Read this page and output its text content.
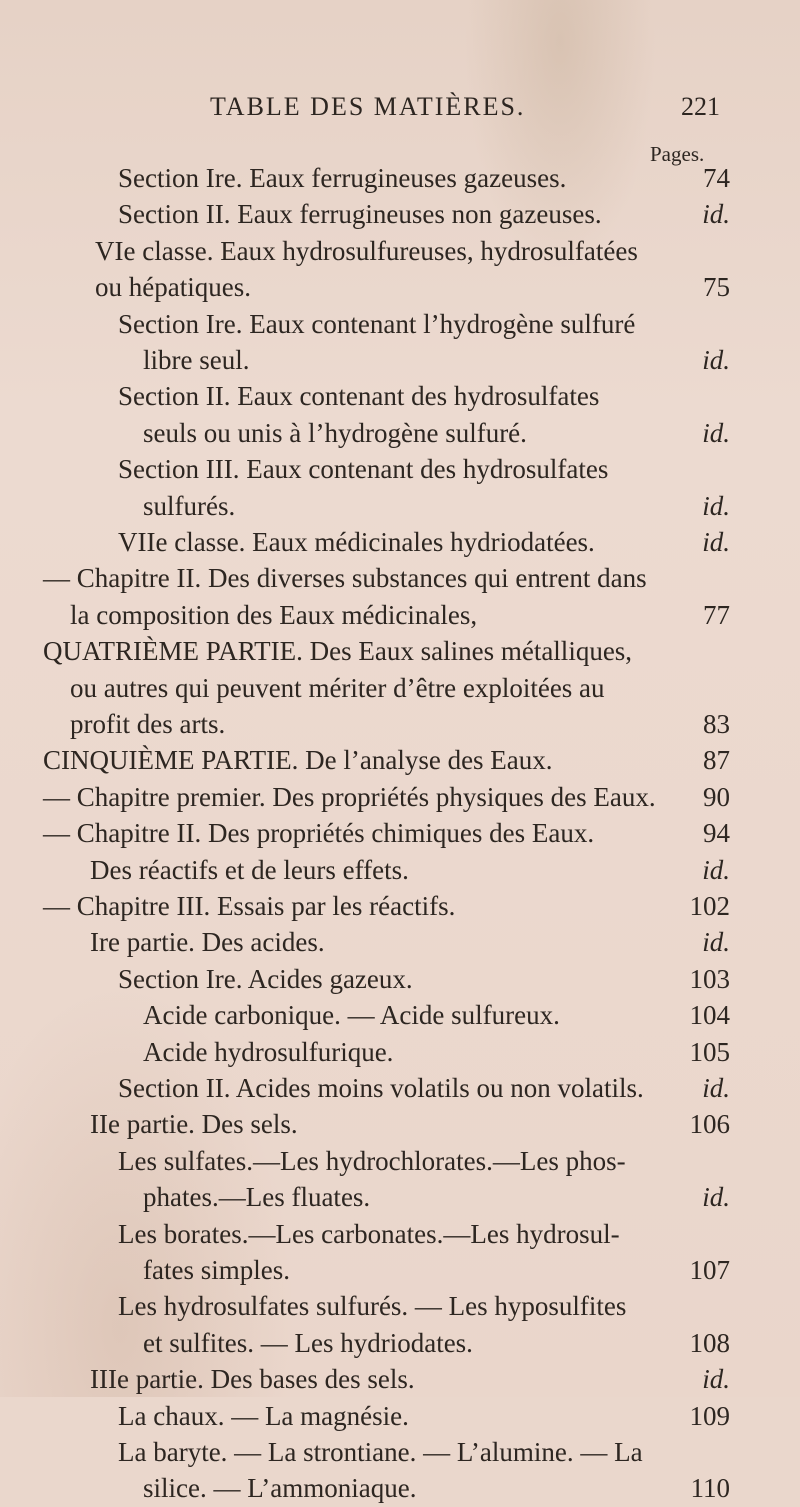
TABLE DES MATIÈRES.	221
Pages.
Section Ire. Eaux ferrugineuses gazeuses.	74
Section II. Eaux ferrugineuses non gazeuses.	id.
VIe classe. Eaux hydrosulfureuses, hydrosulfatées
ou hépatiques.	75
Section Ire. Eaux contenant l’hydrogène sulfuré
libre seul.	id.
Section II. Eaux contenant des hydrosulfates
seuls ou unis à l’hydrogène sulfuré.	id.
Section III. Eaux contenant des hydrosulfates
sulfurés.	id.
VIIe classe. Eaux médicinales hydriodatées.	id.
— Chapitre II. Des diverses substances qui entrent dans
la composition des Eaux médicinales,	77
QUATRIÈME PARTIE. Des Eaux salines métalliques,
ou autres qui peuvent mériter d’être exploitées au
profit des arts.	83
CINQUIÈME PARTIE. De l’analyse des Eaux.	87
— Chapitre premier. Des propriétés physiques des Eaux. 90
— Chapitre II. Des propriétés chimiques des Eaux.	94
Des réactifs et de leurs effets.	id.
— Chapitre III. Essais par les réactifs.	102
Ire partie. Des acides.	id.
Section Ire. Acides gazeux.	103
Acide carbonique. — Acide sulfureux.	104
Acide hydrosulfurique.	105
Section II. Acides moins volatils ou non volatils. id.
IIe partie. Des sels.	106
Les sulfates.—Les hydrochlorates.—Les phos-
phates.—Les fluates.	id.
Les borates.—Les carbonates.—Les hydrosul-
fates simples.	107
Les hydrosulfates sulfurés. — Les hyposulfites
et sulfites. — Les hydriodates.	108
IIIe partie. Des bases des sels.	id.
La chaux. — La magnésie.	109
La baryte. — La strontiane. — L’alumine. — La
silice. — L’ammoniaque.	110
